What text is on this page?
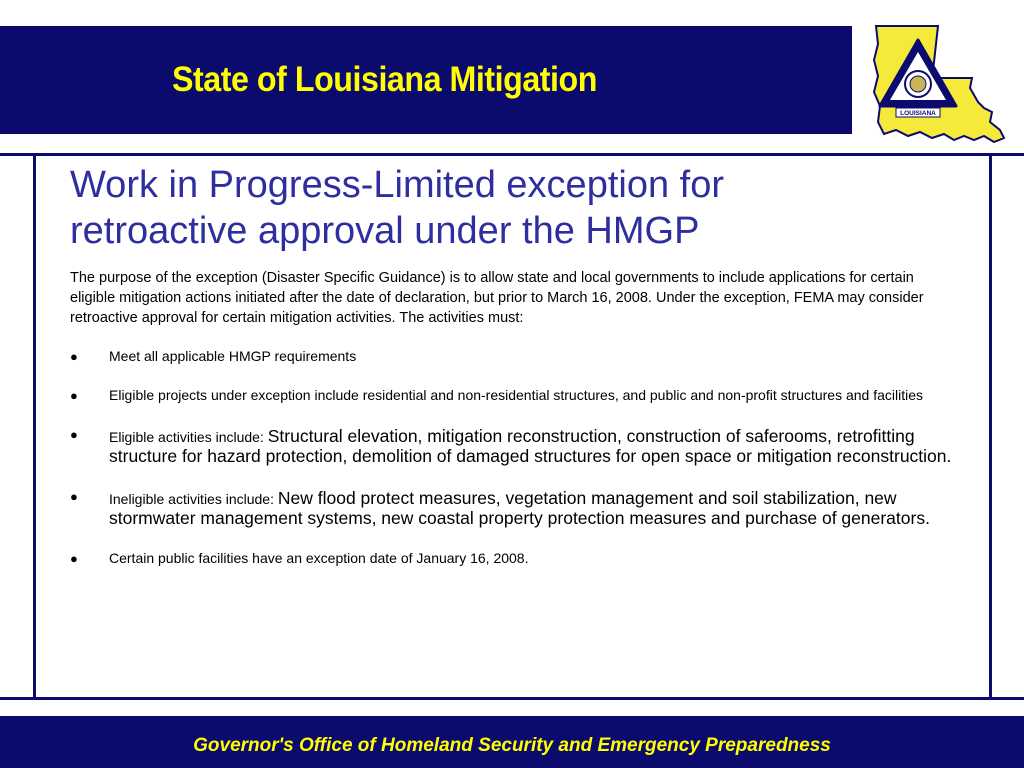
State of Louisiana Mitigation
LOUISIANA
Work in Progress-Limited exception for
retroactive approval under the HMGP

The purpose of the exception (Disaster Specific Guidance) is to allow state and local governments to include applications for certain eligible mitigation actions initiated after the date of declaration, but prior to March 16, 2008. Under the exception, FEMA may consider retroactive approval for certain mitigation activities. The activities must:

● Meet all applicable HMGP requirements
● Eligible projects under exception include residential and non-residential structures, and public and non-profit structures and facilities
● Eligible activities include: Structural elevation, mitigation reconstruction, construction of saferooms, retrofitting structure for hazard protection, demolition of damaged structures for open space or mitigation reconstruction.
● Ineligible activities include: New flood protect measures, vegetation management and soil stabilization, new stormwater management systems, new coastal property protection measures and purchase of generators.
● Certain public facilities have an exception date of January 16, 2008.
Governor's Office of Homeland Security and Emergency Preparedness
